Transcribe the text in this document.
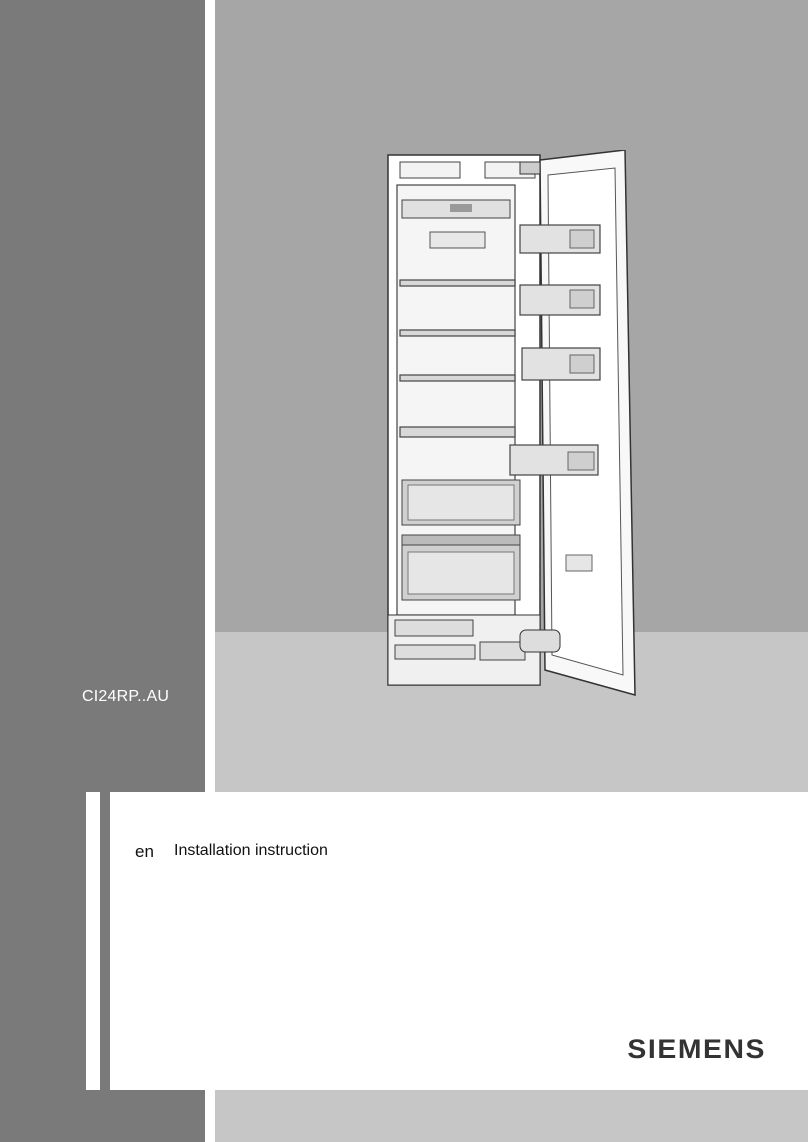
CI24RP..AU
en Installation instruction
SIEMENS
